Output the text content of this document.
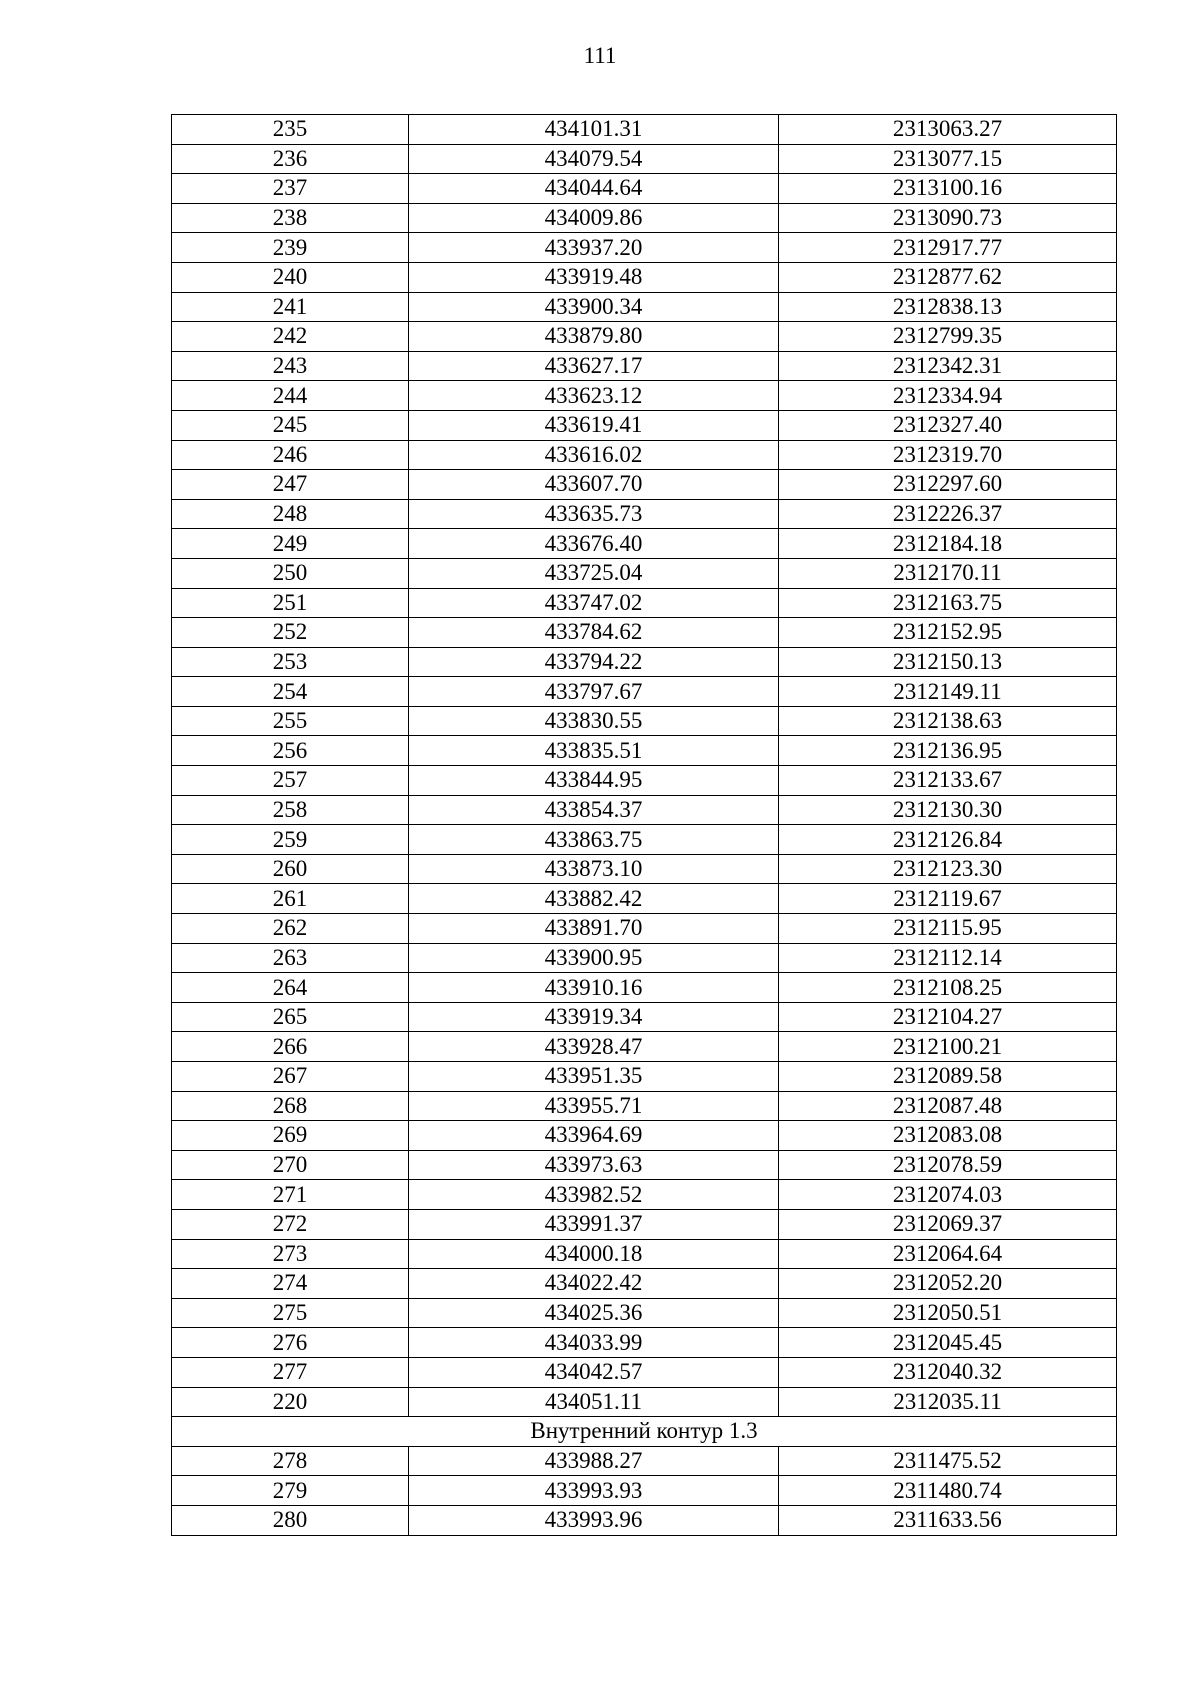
111
235	434101.31	2313063.27
236	434079.54	2313077.15
237	434044.64	2313100.16
238	434009.86	2313090.73
239	433937.20	2312917.77
240	433919.48	2312877.62
241	433900.34	2312838.13
242	433879.80	2312799.35
243	433627.17	2312342.31
244	433623.12	2312334.94
245	433619.41	2312327.40
246	433616.02	2312319.70
247	433607.70	2312297.60
248	433635.73	2312226.37
249	433676.40	2312184.18
250	433725.04	2312170.11
251	433747.02	2312163.75
252	433784.62	2312152.95
253	433794.22	2312150.13
254	433797.67	2312149.11
255	433830.55	2312138.63
256	433835.51	2312136.95
257	433844.95	2312133.67
258	433854.37	2312130.30
259	433863.75	2312126.84
260	433873.10	2312123.30
261	433882.42	2312119.67
262	433891.70	2312115.95
263	433900.95	2312112.14
264	433910.16	2312108.25
265	433919.34	2312104.27
266	433928.47	2312100.21
267	433951.35	2312089.58
268	433955.71	2312087.48
269	433964.69	2312083.08
270	433973.63	2312078.59
271	433982.52	2312074.03
272	433991.37	2312069.37
273	434000.18	2312064.64
274	434022.42	2312052.20
275	434025.36	2312050.51
276	434033.99	2312045.45
277	434042.57	2312040.32
220	434051.11	2312035.11
Внутренний контур 1.3		
278	433988.27	2311475.52
279	433993.93	2311480.74
280	433993.96	2311633.56
